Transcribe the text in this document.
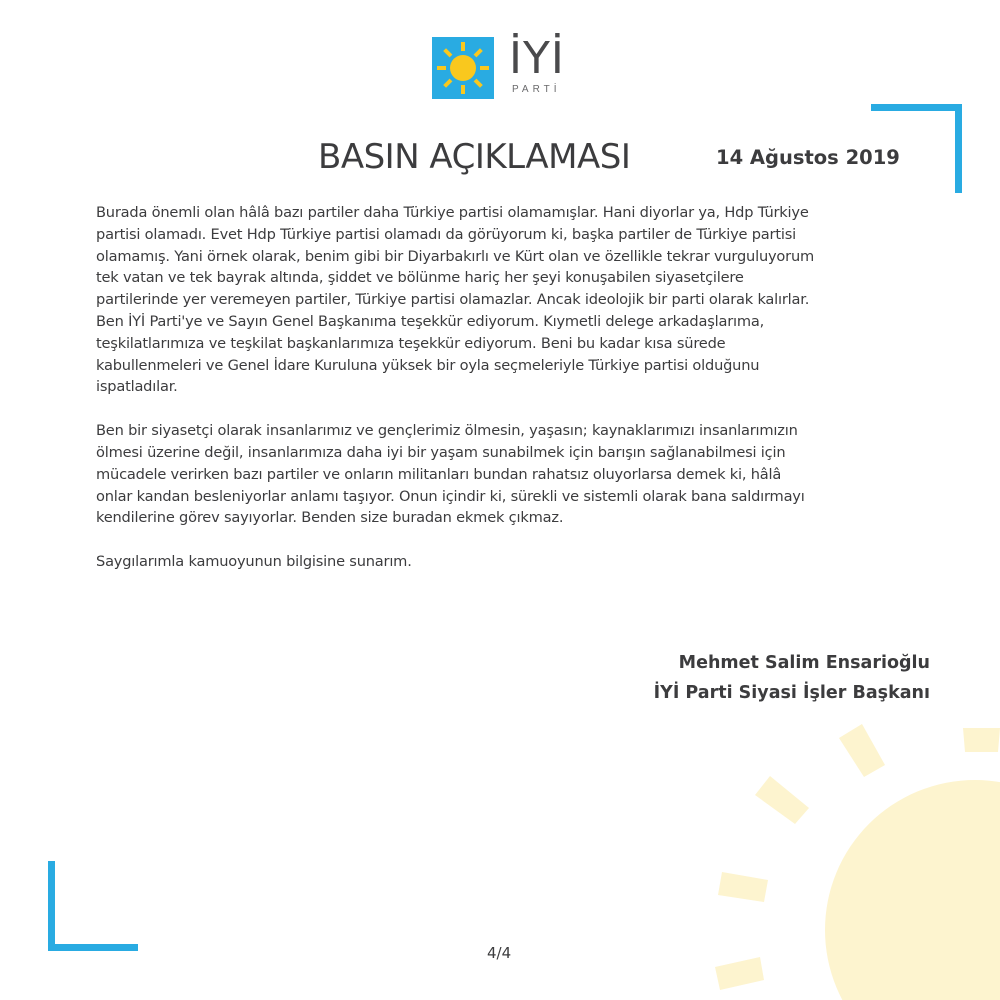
İYİ
PARTİ
BASIN AÇIKLAMASI	14 Ağustos 2019
Burada önemli olan hâlâ bazı partiler daha Türkiye partisi olamamışlar. Hani diyorlar ya, Hdp Türkiye
partisi olamadı. Evet Hdp Türkiye partisi olamadı da görüyorum ki, başka partiler de Türkiye partisi
olamamış. Yani örnek olarak, benim gibi bir Diyarbakırlı ve Kürt olan ve özellikle tekrar vurguluyorum
tek vatan ve tek bayrak altında, şiddet ve bölünme hariç her şeyi konuşabilen siyasetçilere
partilerinde yer veremeyen partiler, Türkiye partisi olamazlar. Ancak ideolojik bir parti olarak kalırlar.
Ben İYİ Parti'ye ve Sayın Genel Başkanıma teşekkür ediyorum. Kıymetli delege arkadaşlarıma,
teşkilatlarımıza ve teşkilat başkanlarımıza teşekkür ediyorum. Beni bu kadar kısa sürede
kabullenmeleri ve Genel İdare Kuruluna yüksek bir oyla seçmeleriyle Türkiye partisi olduğunu
ispatladılar.
Ben bir siyasetçi olarak insanlarımız ve gençlerimiz ölmesin, yaşasın; kaynaklarımızı insanlarımızın
ölmesi üzerine değil, insanlarımıza daha iyi bir yaşam sunabilmek için barışın sağlanabilmesi için
mücadele verirken bazı partiler ve onların militanları bundan rahatsız oluyorlarsa demek ki, hâlâ
onlar kandan besleniyorlar anlamı taşıyor. Onun içindir ki, sürekli ve sistemli olarak bana saldırmayı
kendilerine görev sayıyorlar. Benden size buradan ekmek çıkmaz.
Saygılarımla kamuoyunun bilgisine sunarım.
Mehmet Salim Ensarioğlu
İYİ Parti Siyasi İşler Başkanı
4/4
